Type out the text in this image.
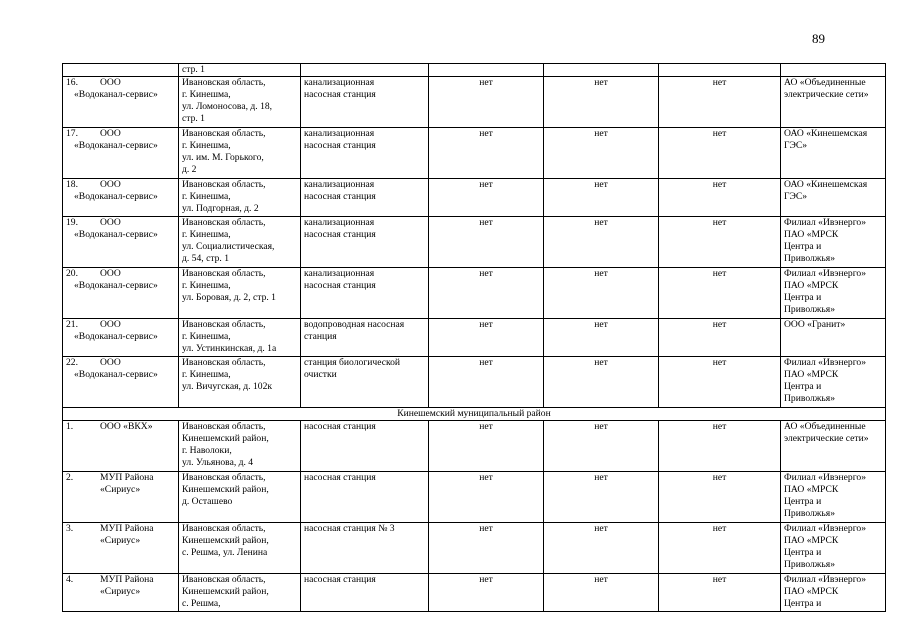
89
	стр. 1					
16. ООО
«Водоканал-сервис»	Ивановская область,
г. Кинешма,
ул. Ломоносова, д. 18,
стр. 1	канализационная
насосная станция	нет	нет	нет	АО «Объединенные
электрические сети»
17. ООО
«Водоканал-сервис»	Ивановская область,
г. Кинешма,
ул. им. М. Горького,
д. 2	канализационная
насосная станция	нет	нет	нет	ОАО «Кинешемская
ГЭС»
18. ООО
«Водоканал-сервис»	Ивановская область,
г. Кинешма,
ул. Подгорная, д. 2	канализационная
насосная станция	нет	нет	нет	ОАО «Кинешемская
ГЭС»
19. ООО
«Водоканал-сервис»	Ивановская область,
г. Кинешма,
ул. Социалистическая,
д. 54, стр. 1	канализационная
насосная станция	нет	нет	нет	Филиал «Ивэнерго»
ПАО «МРСК
Центра и
Приволжья»
20. ООО
«Водоканал-сервис»	Ивановская область,
г. Кинешма,
ул. Боровая, д. 2, стр. 1	канализационная
насосная станция	нет	нет	нет	Филиал «Ивэнерго»
ПАО «МРСК
Центра и
Приволжья»
21. ООО
«Водоканал-сервис»	Ивановская область,
г. Кинешма,
ул. Устинкинская, д. 1а	водопроводная насосная
станция	нет	нет	нет	ООО «Гранит»
22. ООО
«Водоканал-сервис»	Ивановская область,
г. Кинешма,
ул. Вичугская, д. 102к	станция биологической
очистки	нет	нет	нет	Филиал «Ивэнерго»
ПАО «МРСК
Центра и
Приволжья»
Кинешемский муниципальный район						
1. ООО «ВКХ»	Ивановская область,
Кинешемский район,
г. Наволоки,
ул. Ульянова, д. 4	насосная станция	нет	нет	нет	АО «Объединенные
электрические сети»
2. МУП Района
«Сириус»	Ивановская область,
Кинешемский район,
д. Осташево	насосная станция	нет	нет	нет	Филиал «Ивэнерго»
ПАО «МРСК
Центра и
Приволжья»
3. МУП Района
«Сириус»	Ивановская область,
Кинешемский район,
с. Решма, ул. Ленина	насосная станция № 3	нет	нет	нет	Филиал «Ивэнерго»
ПАО «МРСК
Центра и
Приволжья»
4. МУП Района
«Сириус»	Ивановская область,
Кинешемский район,
с. Решма,	насосная станция	нет	нет	нет	Филиал «Ивэнерго»
ПАО «МРСК
Центра и
